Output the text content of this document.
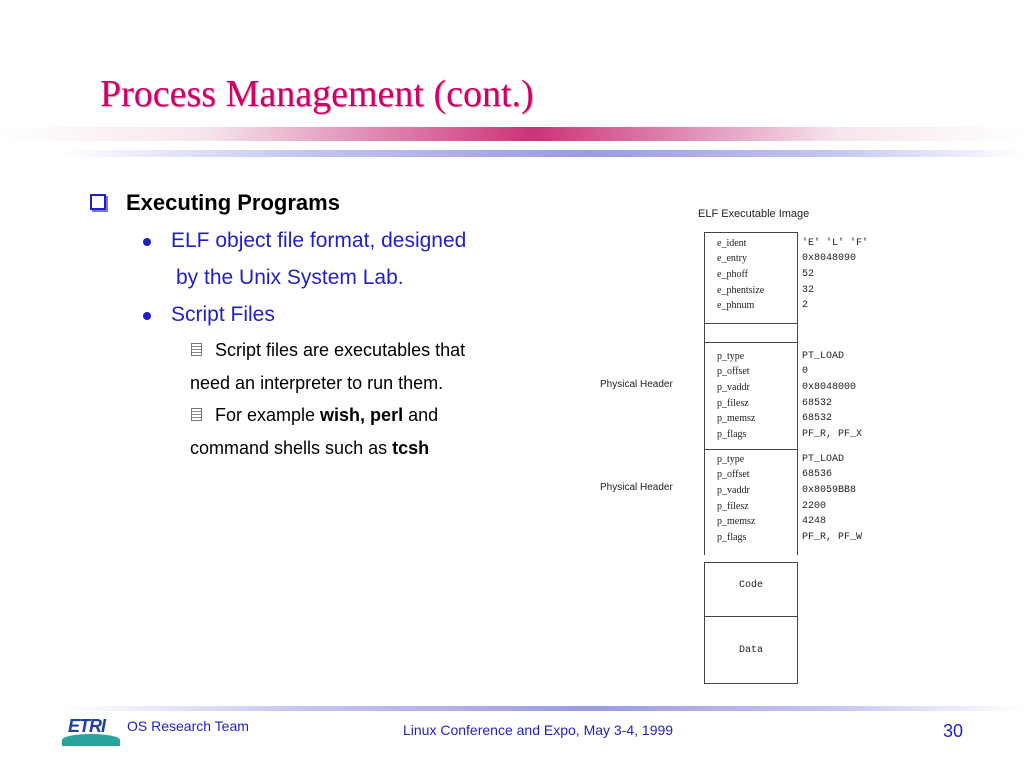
Process Management (cont.)
Executing Programs
ELF object file format, designed
by the Unix System Lab.
Script Files
Script files are executables that
need an interpreter to run them.
For example wish, perl and
command shells such as tcsh
ELF Executable Image
e_ident
e_entry
e_phoff
e_phentsize
e_phnum
'E' 'L' 'F'
0x8048090
52
32
2
Physical Header
p_type
p_offset
p_vaddr
p_filesz
p_memsz
p_flags
PT_LOAD
0
0x8048000
68532
68532
PF_R, PF_X
Physical Header
p_type
p_offset
p_vaddr
p_filesz
p_memsz
p_flags
PT_LOAD
68536
0x8059BB8
2200
4248
PF_R, PF_W
Code
Data
ETRI OS Research Team	Linux Conference and Expo, May 3-4, 1999	30
